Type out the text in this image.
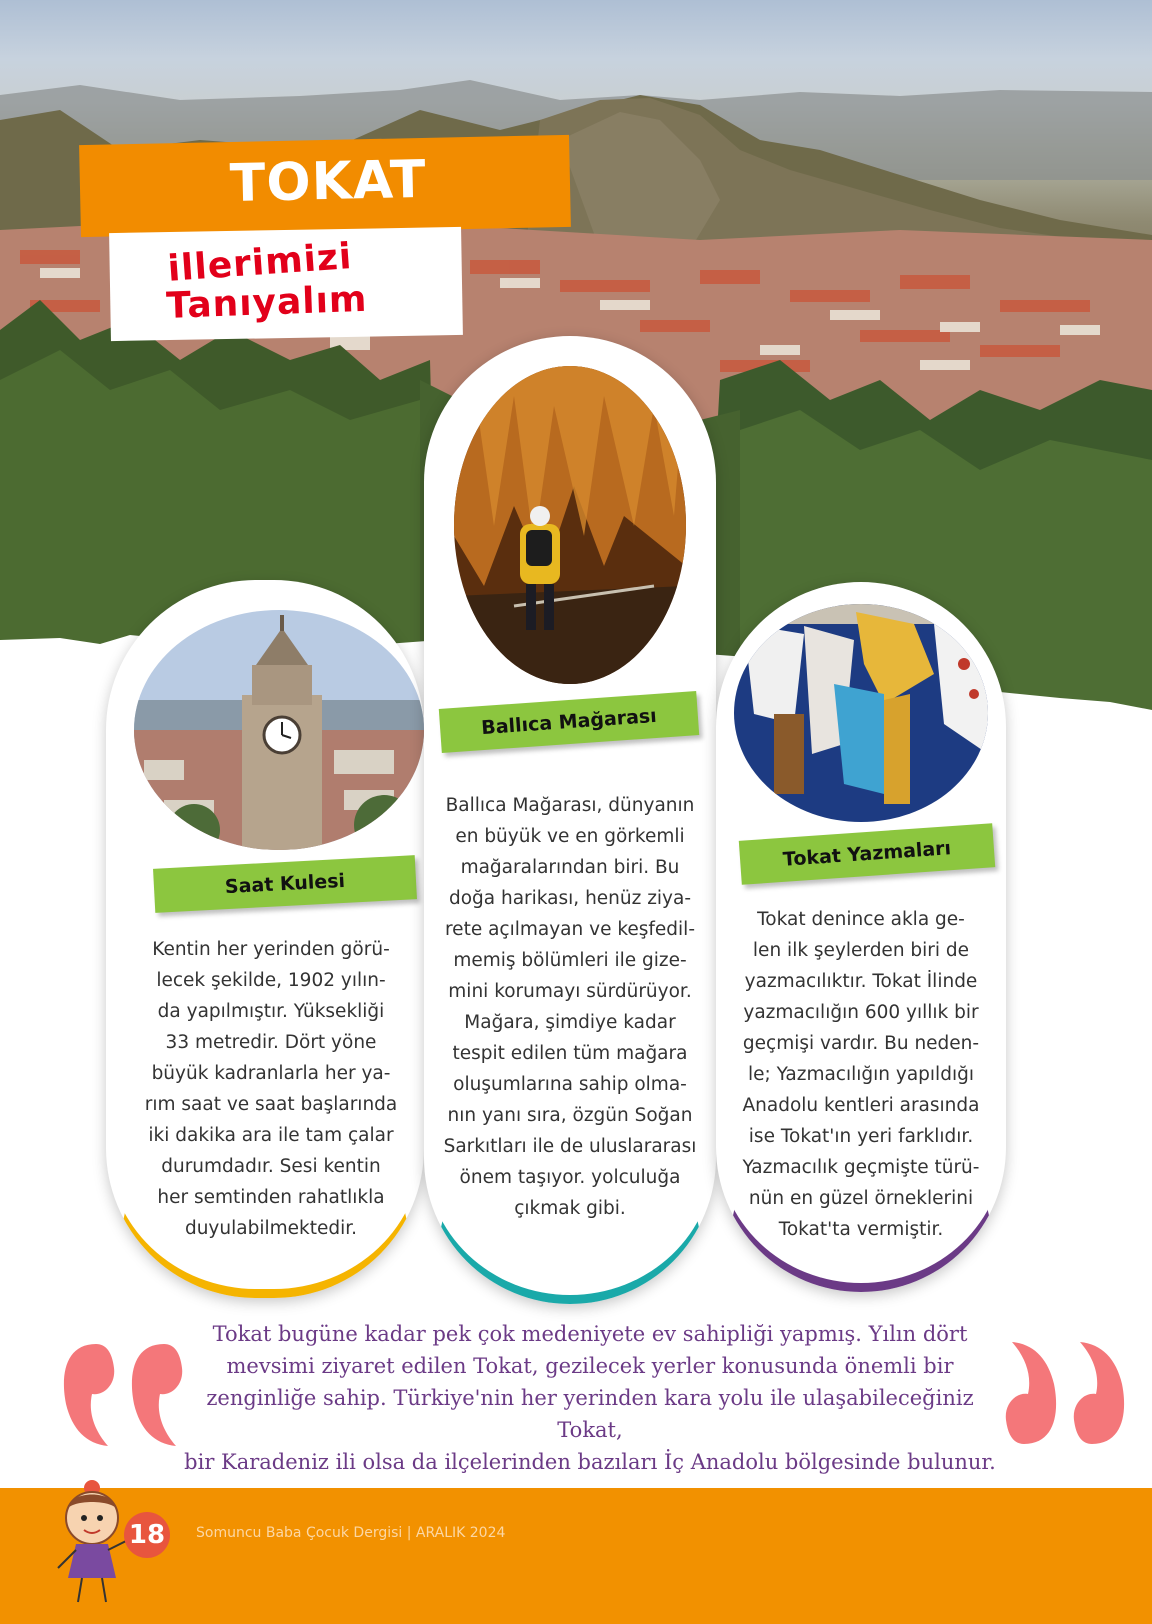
TOKAT
illerimizi
Tanıyalım
Saat Kulesi
Kentin her yerinden görü-
lecek şekilde, 1902 yılın-
da yapılmıştır. Yüksekliği
33 metredir. Dört yöne
büyük kadranlarla her ya-
rım saat ve saat başlarında
iki dakika ara ile tam çalar
durumdadır. Sesi kentin
her semtinden rahatlıkla
duyulabilmektedir.
Ballıca Mağarası
Ballıca Mağarası, dünyanın
en büyük ve en görkemli
mağaralarından biri. Bu
doğa harikası, henüz ziya-
rete açılmayan ve keşfedil-
memiş bölümleri ile gize-
mini korumayı sürdürüyor.
Mağara, şimdiye kadar
tespit edilen tüm mağara
oluşumlarına sahip olma-
nın yanı sıra, özgün Soğan
Sarkıtları ile de uluslararası
önem taşıyor. yolculuğa
çıkmak gibi.
Tokat Yazmaları
Tokat denince akla ge-
len ilk şeylerden biri de
yazmacılıktır. Tokat İlinde
yazmacılığın 600 yıllık bir
geçmişi vardır. Bu neden-
le; Yazmacılığın yapıldığı
Anadolu kentleri arasında
ise Tokat'ın yeri farklıdır.
Yazmacılık geçmişte türü-
nün en güzel örneklerini
Tokat'ta vermiştir.
Tokat bugüne kadar pek çok medeniyete ev sahipliği yapmış. Yılın dört
mevsimi ziyaret edilen Tokat, gezilecek yerler konusunda önemli bir
zenginliğe sahip. Türkiye'nin her yerinden kara yolu ile ulaşabileceğiniz Tokat,
bir Karadeniz ili olsa da ilçelerinden bazıları İç Anadolu bölgesinde bulunur.
18	Somuncu Baba Çocuk Dergisi | ARALIK 2024
